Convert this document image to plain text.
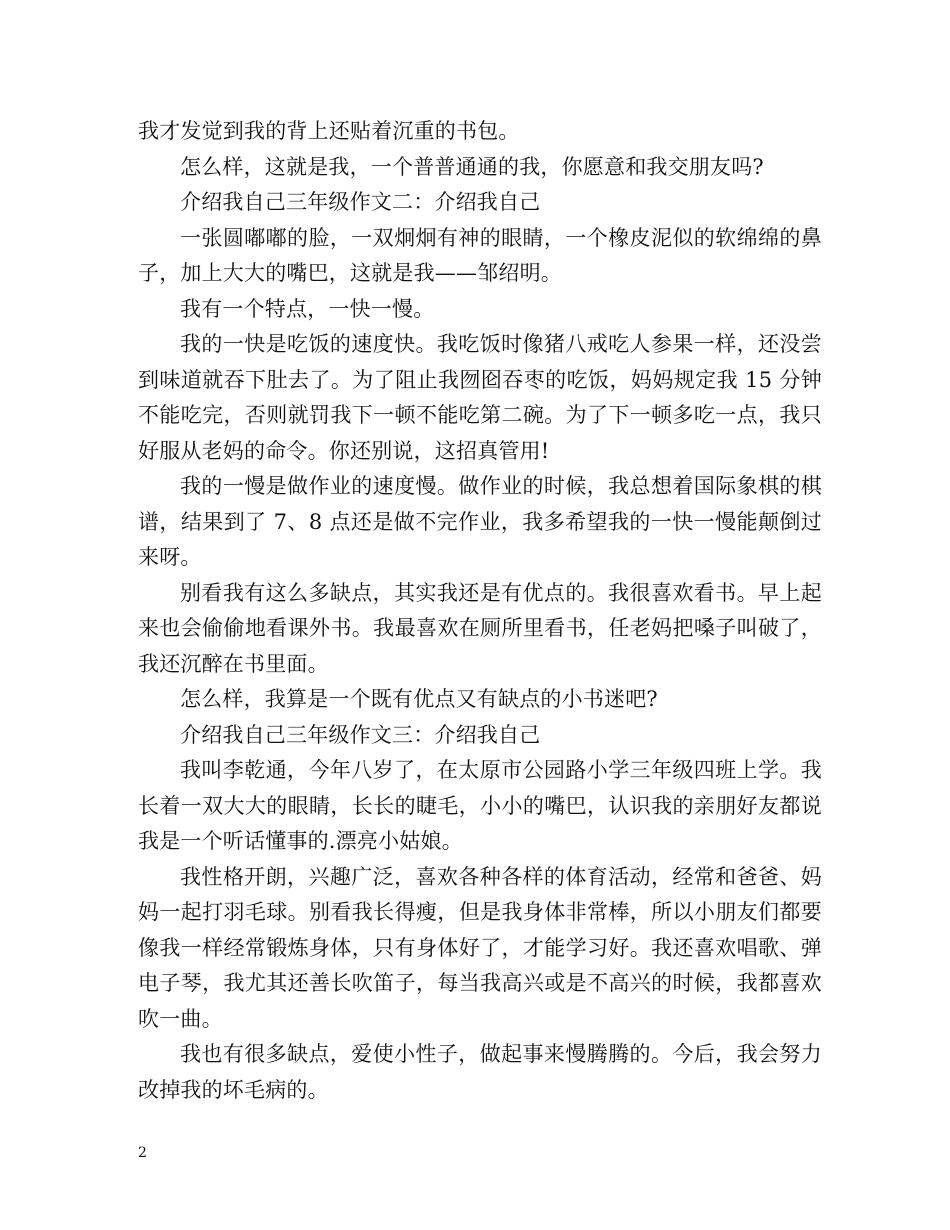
我才发觉到我的背上还贴着沉重的书包。

怎么样，这就是我，一个普普通通的我，你愿意和我交朋友吗?

介绍我自己三年级作文二：介绍我自己

一张圆嘟嘟的脸，一双炯炯有神的眼睛，一个橡皮泥似的软绵绵的鼻子，加上大大的嘴巴，这就是我——邹绍明。

我有一个特点，一快一慢。

我的一快是吃饭的速度快。我吃饭时像猪八戒吃人参果一样，还没尝到味道就吞下肚去了。为了阻止我囫囵吞枣的吃饭，妈妈规定我 15 分钟不能吃完，否则就罚我下一顿不能吃第二碗。为了下一顿多吃一点，我只好服从老妈的命令。你还别说，这招真管用!

我的一慢是做作业的速度慢。做作业的时候，我总想着国际象棋的棋谱，结果到了 7、8 点还是做不完作业，我多希望我的一快一慢能颠倒过来呀。

别看我有这么多缺点，其实我还是有优点的。我很喜欢看书。早上起来也会偷偷地看课外书。我最喜欢在厕所里看书，任老妈把嗓子叫破了，我还沉醉在书里面。

怎么样，我算是一个既有优点又有缺点的小书迷吧?

介绍我自己三年级作文三：介绍我自己

我叫李乾通，今年八岁了，在太原市公园路小学三年级四班上学。我长着一双大大的眼睛，长长的睫毛，小小的嘴巴，认识我的亲朋好友都说我是一个听话懂事的.漂亮小姑娘。

我性格开朗，兴趣广泛，喜欢各种各样的体育活动，经常和爸爸、妈妈一起打羽毛球。别看我长得瘦，但是我身体非常棒，所以小朋友们都要像我一样经常锻炼身体，只有身体好了，才能学习好。我还喜欢唱歌、弹电子琴，我尤其还善长吹笛子，每当我高兴或是不高兴的时候，我都喜欢吹一曲。

我也有很多缺点，爱使小性子，做起事来慢腾腾的。今后，我会努力改掉我的坏毛病的。

2
